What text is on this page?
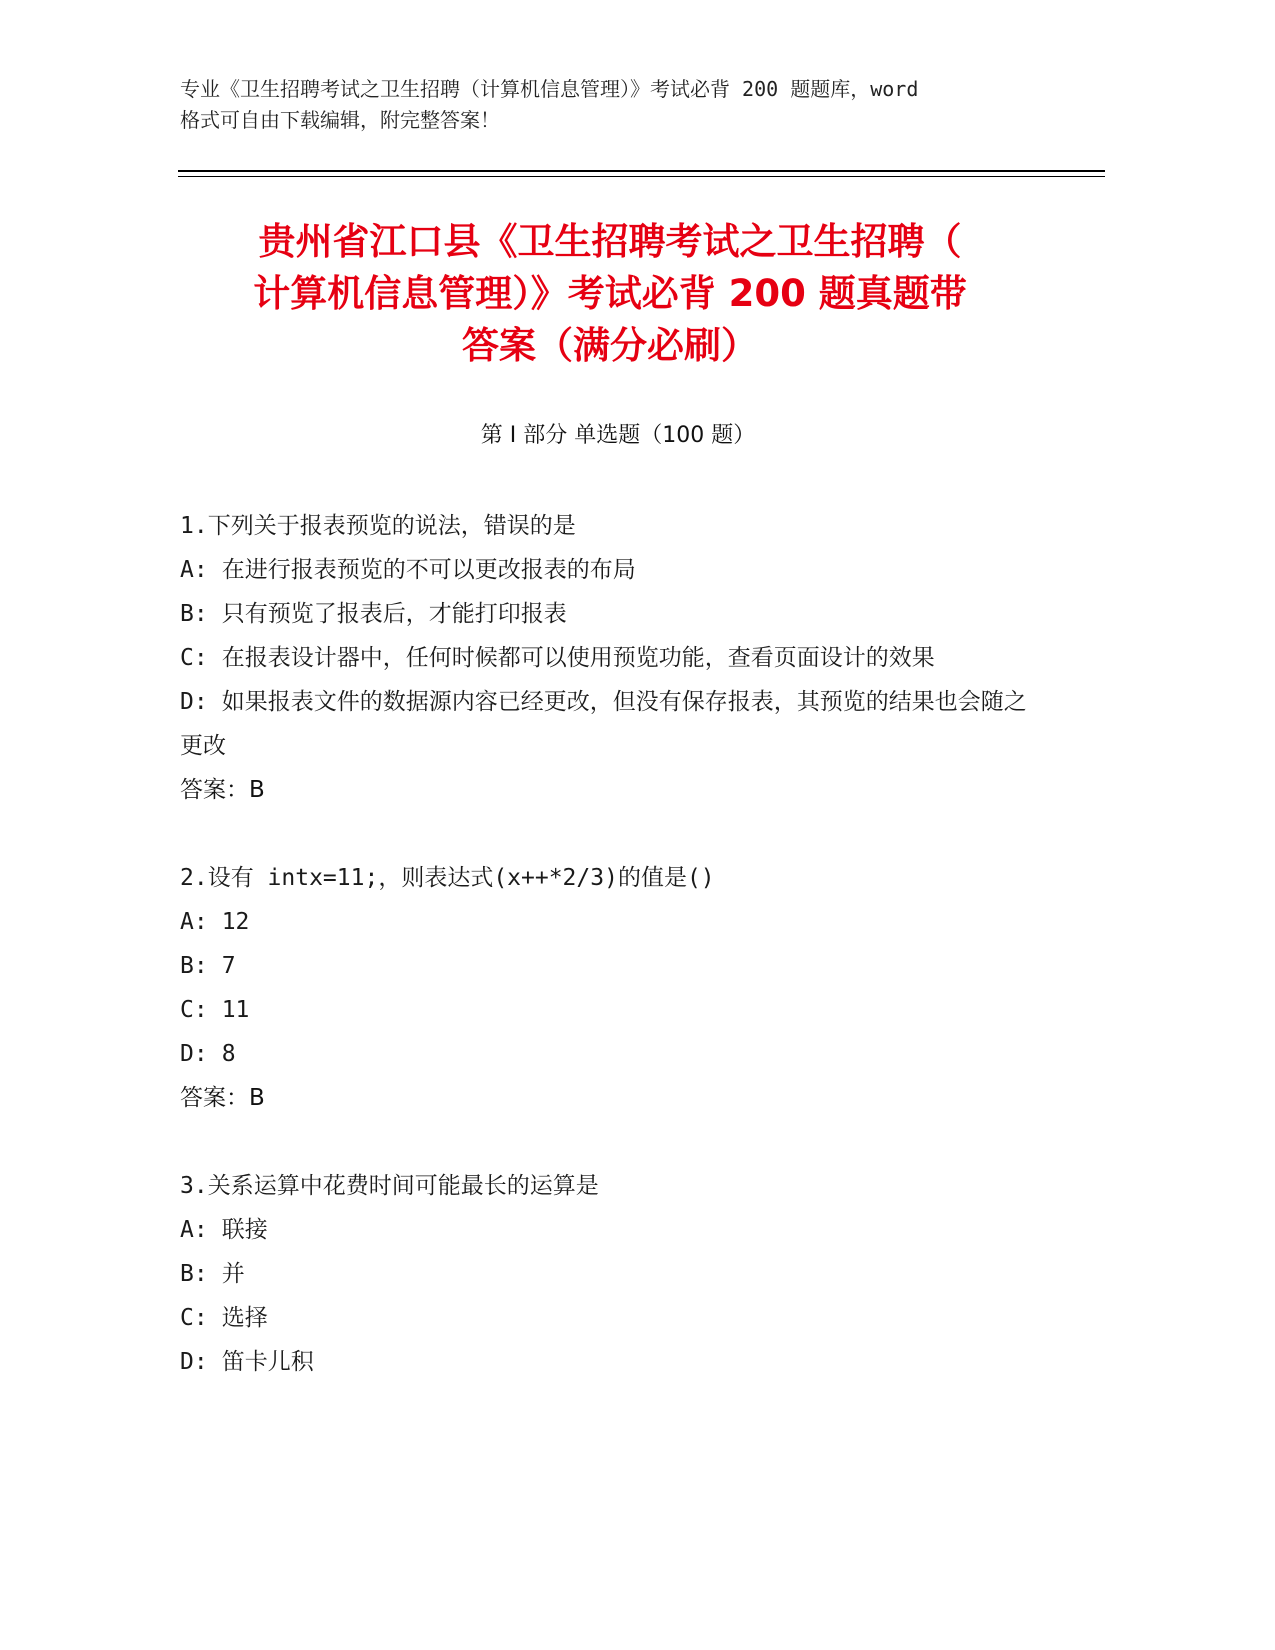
专业《卫生招聘考试之卫生招聘（计算机信息管理）》考试必背 200 题题库，word
格式可自由下载编辑，附完整答案！
贵州省江口县《卫生招聘考试之卫生招聘（
计算机信息管理）》考试必背 200 题真题带
答案（满分必刷）
第 I 部分 单选题（100 题）

1.下列关于报表预览的说法，错误的是

A: 在进行报表预览的不可以更改报表的布局

B: 只有预览了报表后，才能打印报表

C: 在报表设计器中，任何时候都可以使用预览功能，查看页面设计的效果

D: 如果报表文件的数据源内容已经更改，但没有保存报表，其预览的结果也会随之更改

答案：B

2.设有 intx=11;，则表达式(x++*2/3)的值是()

A: 12

B: 7

C: 11

D: 8

答案：B

3.关系运算中花费时间可能最长的运算是

A: 联接

B: 并

C: 选择

D: 笛卡儿积
